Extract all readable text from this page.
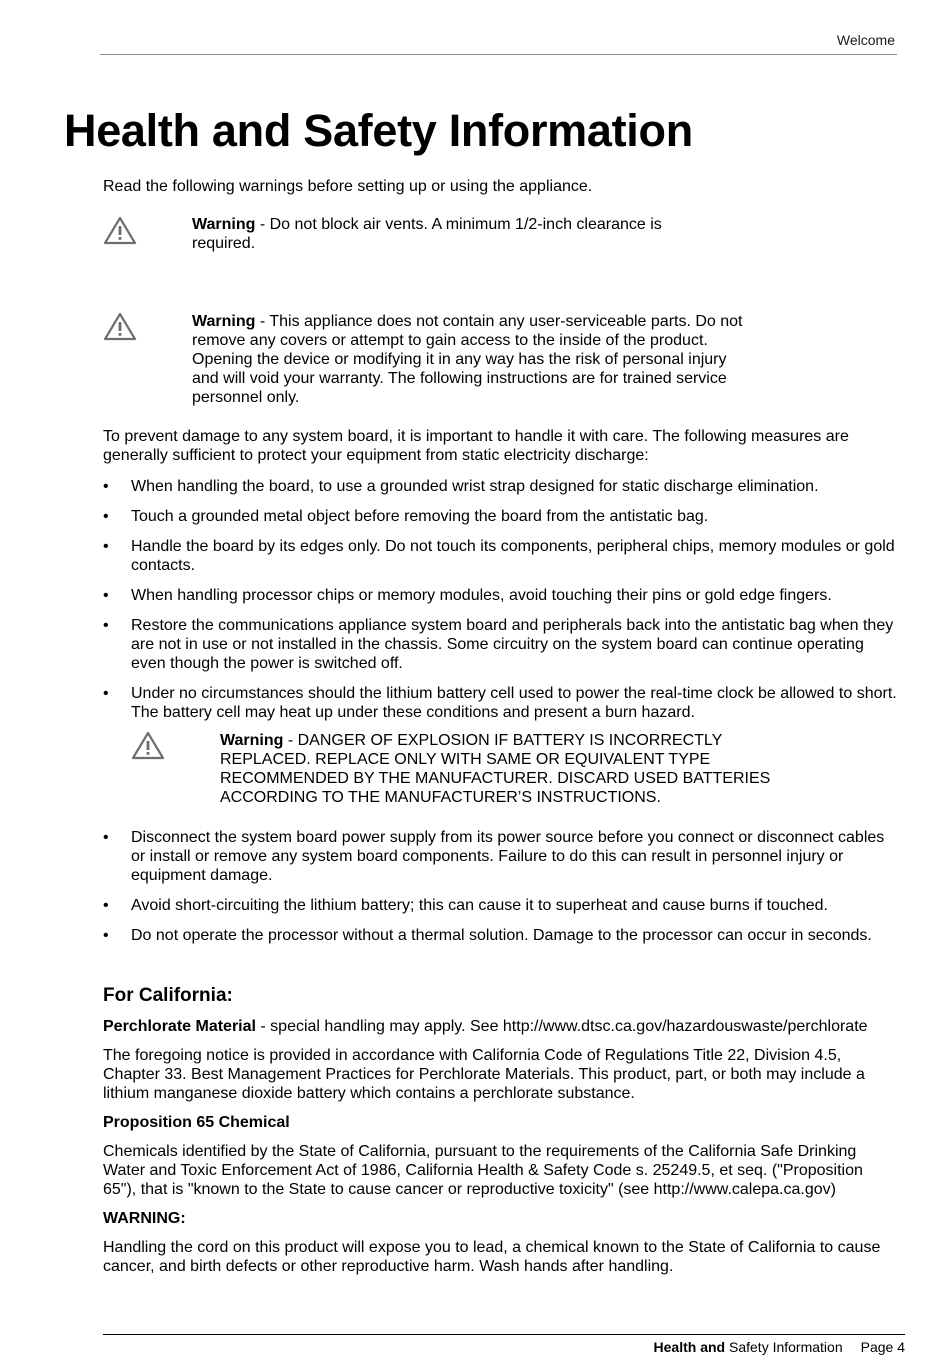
Welcome
Health and Safety Information

Read the following warnings before setting up or using the appliance.

Warning - Do not block air vents. A minimum 1/2-inch clearance is required.

Warning - This appliance does not contain any user-serviceable parts. Do not remove any covers or attempt to gain access to the inside of the product. Opening the device or modifying it in any way has the risk of personal injury and will void your warranty. The following instructions are for trained service personnel only.

To prevent damage to any system board, it is important to handle it with care. The following measures are generally sufficient to protect your equipment from static electricity discharge:

• When handling the board, to use a grounded wrist strap designed for static discharge elimination.
• Touch a grounded metal object before removing the board from the antistatic bag.
• Handle the board by its edges only. Do not touch its components, peripheral chips, memory modules or gold contacts.
• When handling processor chips or memory modules, avoid touching their pins or gold edge fingers.
• Restore the communications appliance system board and peripherals back into the antistatic bag when they are not in use or not installed in the chassis. Some circuitry on the system board can continue operating even though the power is switched off.
• Under no circumstances should the lithium battery cell used to power the real-time clock be allowed to short. The battery cell may heat up under these conditions and present a burn hazard.

Warning - DANGER OF EXPLOSION IF BATTERY IS INCORRECTLY REPLACED. REPLACE ONLY WITH SAME OR EQUIVALENT TYPE RECOMMENDED BY THE MANUFACTURER. DISCARD USED BATTERIES ACCORDING TO THE MANUFACTURER’S INSTRUCTIONS.

• Disconnect the system board power supply from its power source before you connect or disconnect cables or install or remove any system board components. Failure to do this can result in personnel injury or equipment damage.
• Avoid short-circuiting the lithium battery; this can cause it to superheat and cause burns if touched.
• Do not operate the processor without a thermal solution. Damage to the processor can occur in seconds.
For California:

Perchlorate Material - special handling may apply. See http://www.dtsc.ca.gov/hazardouswaste/perchlorate

The foregoing notice is provided in accordance with California Code of Regulations Title 22, Division 4.5, Chapter 33. Best Management Practices for Perchlorate Materials. This product, part, or both may include a lithium manganese dioxide battery which contains a perchlorate substance.

Proposition 65 Chemical

Chemicals identified by the State of California, pursuant to the requirements of the California Safe Drinking Water and Toxic Enforcement Act of 1986, California Health & Safety Code s. 25249.5, et seq. ("Proposition 65"), that is "known to the State to cause cancer or reproductive toxicity" (see http://www.calepa.ca.gov)

WARNING:

Handling the cord on this product will expose you to lead, a chemical known to the State of California to cause cancer, and birth defects or other reproductive harm. Wash hands after handling.

Health and Safety Information Page 4
